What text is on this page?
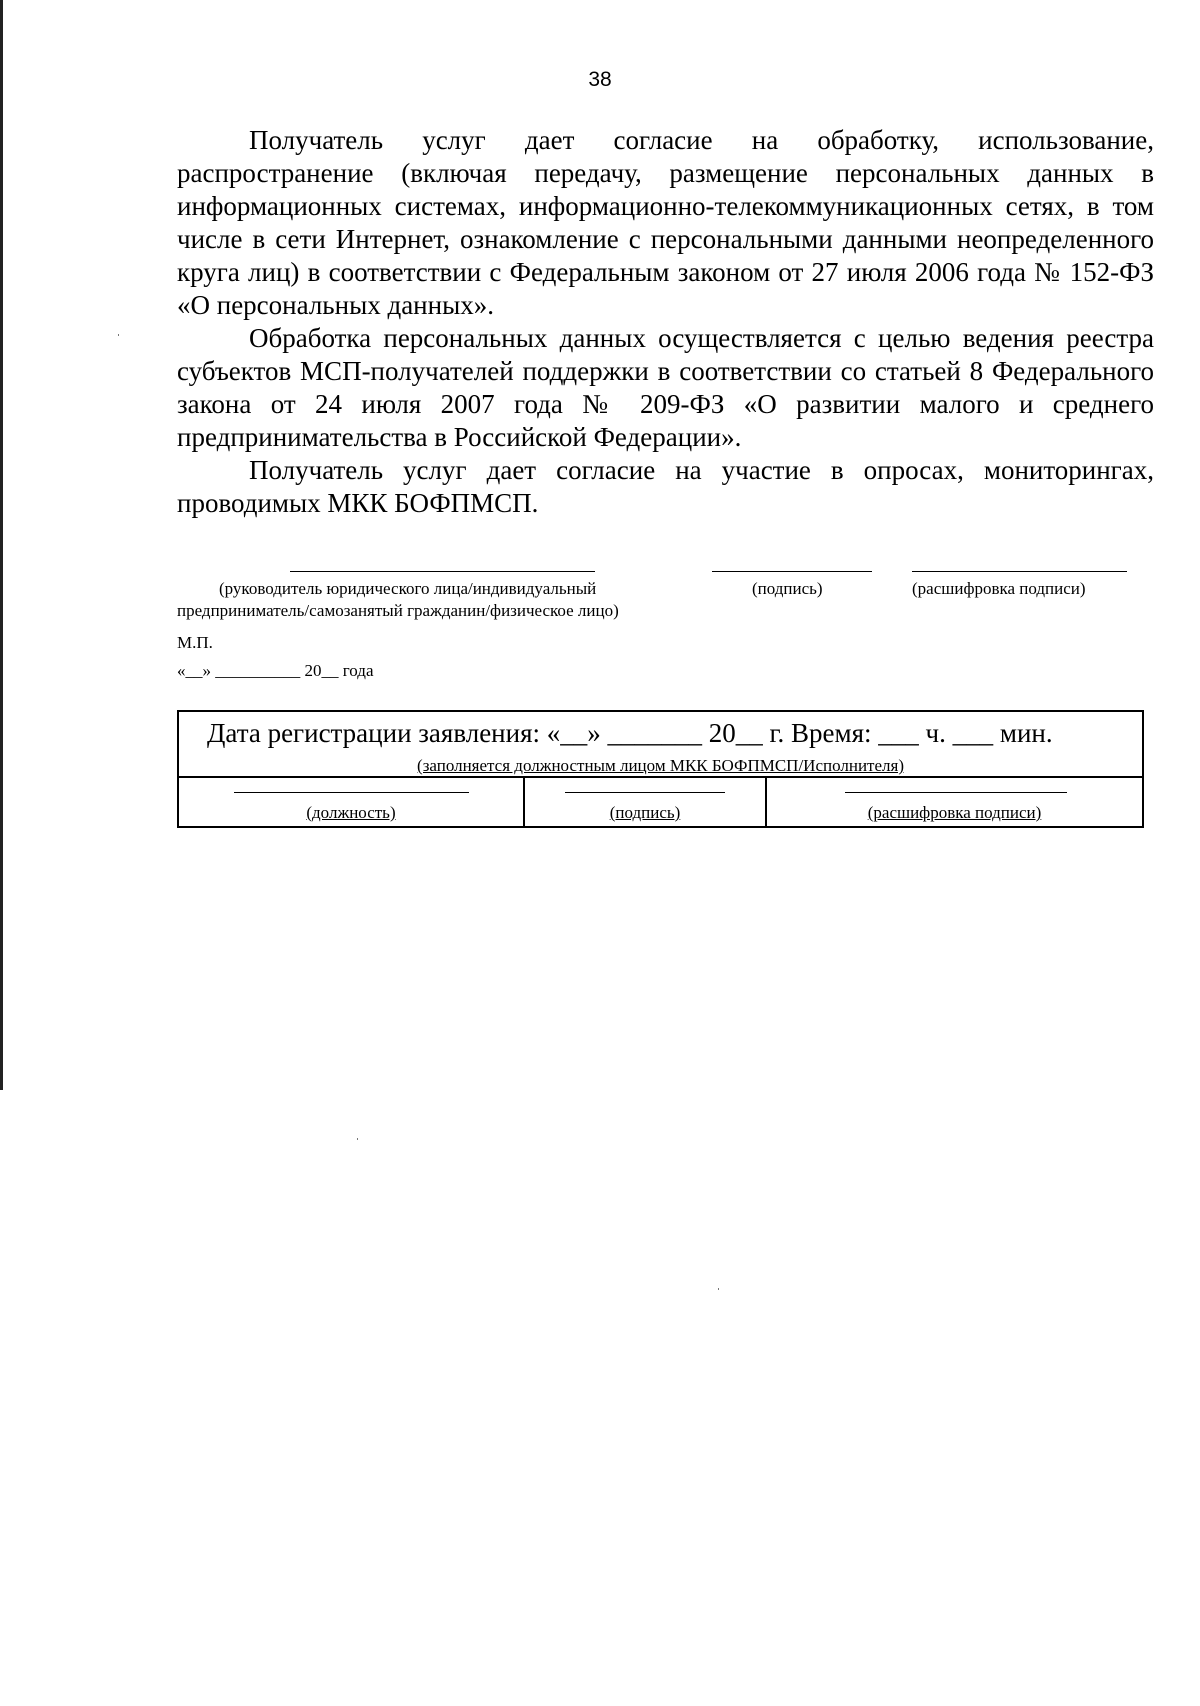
38

Получатель услуг дает согласие на обработку, использование, распространение (включая передачу, размещение персональных данных в информационных системах, информационно-телекоммуникационных сетях, в том числе в сети Интернет, ознакомление с персональными данными неопределенного круга лиц) в соответствии с Федеральным законом от 27 июля 2006 года № 152-ФЗ «О персональных данных».

Обработка персональных данных осуществляется с целью ведения реестра субъектов МСП-получателей поддержки в соответствии со статьей 8 Федерального закона от 24 июля 2007 года № 209-ФЗ «О развитии малого и среднего предпринимательства в Российской Федерации».

Получатель услуг дает согласие на участие в опросах, мониторингах, проводимых МКК БОФПМСП.

(руководитель юридического лица/индивидуальный	(подпись)	(расшифровка подписи)
предприниматель/самозанятый гражданин/физическое лицо)
М.П.
«__» __________ 20__ года
Дата регистрации заявления: «__» _______ 20__ г. Время: ___ ч. ___ мин.
(заполняется должностным лицом МКК БОФПМСП/Исполнителя)

(должность)	(подпись)	(расшифровка подписи)
